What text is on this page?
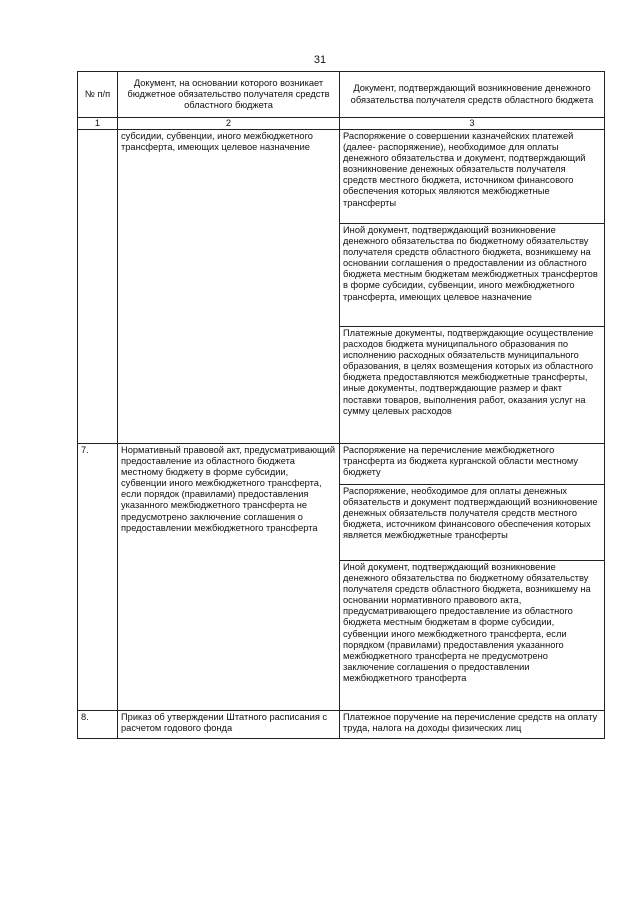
31
№ п/п	Документ, на основании которого возникает бюджетное обязательство получателя средств областного бюджета	Документ, подтверждающий возникновение денежного обязательства получателя средств областного бюджета
1	2	3
	субсидии, субвенции, иного межбюджетного трансферта, имеющих целевое назначение	Распоряжение о совершении казначейских платежей (далее- распоряжение), необходимое для оплаты денежного обязательства и документ, подтверждающий возникновение денежных обязательств получателя средств местного бюджета, источником финансового обеспечения которых являются межбюджетные трансферты
		Иной документ, подтверждающий возникновение денежного обязательства по бюджетному обязательству получателя средств областного бюджета, возникшему на основании соглашения о предоставлении из областного бюджета местным бюджетам межбюджетных трансфертов в форме субсидии, субвенции, иного межбюджетного трансферта, имеющих целевое назначение
		Платежные документы, подтверждающие осуществление расходов бюджета муниципального образования по исполнению расходных обязательств муниципального образования, в целях возмещения которых из областного бюджета предоставляются межбюджетные трансферты, иные документы, подтверждающие размер и факт поставки товаров, выполнения работ, оказания услуг на сумму целевых расходов
7.	Нормативный правовой акт, предусматривающий предоставление из областного бюджета местному бюджету в форме субсидии, субвенции иного межбюджетного трансферта, если порядок (правилами) предоставления указанного межбюджетного трансферта не предусмотрено заключение соглашения о предоставлении межбюджетного трансферта	Распоряжение на перечисление межбюджетного трансферта из бюджета курганской области местному бюджету
		Распоряжение, необходимое для оплаты денежных обязательств и документ подтверждающий возникновение денежных обязательств получателя средств местного бюджета, источником финансового обеспечения которых является межбюджетные трансферты
		Иной документ, подтверждающий возникновение денежного обязательства по бюджетному обязательству получателя средств областного бюджета, возникшему на основании нормативного правового акта, предусматривающего предоставление из областного бюджета местным бюджетам в форме субсидии, субвенции иного межбюджетного трансферта, если порядком (правилами) предоставления указанного межбюджетного трансферта не предусмотрено заключение соглашения о предоставлении межбюджетного трансферта
8.	Приказ об утверждении Штатного расписания с расчетом годового фонда	Платежное поручение на перечисление средств на оплату труда, налога на доходы физических лиц
